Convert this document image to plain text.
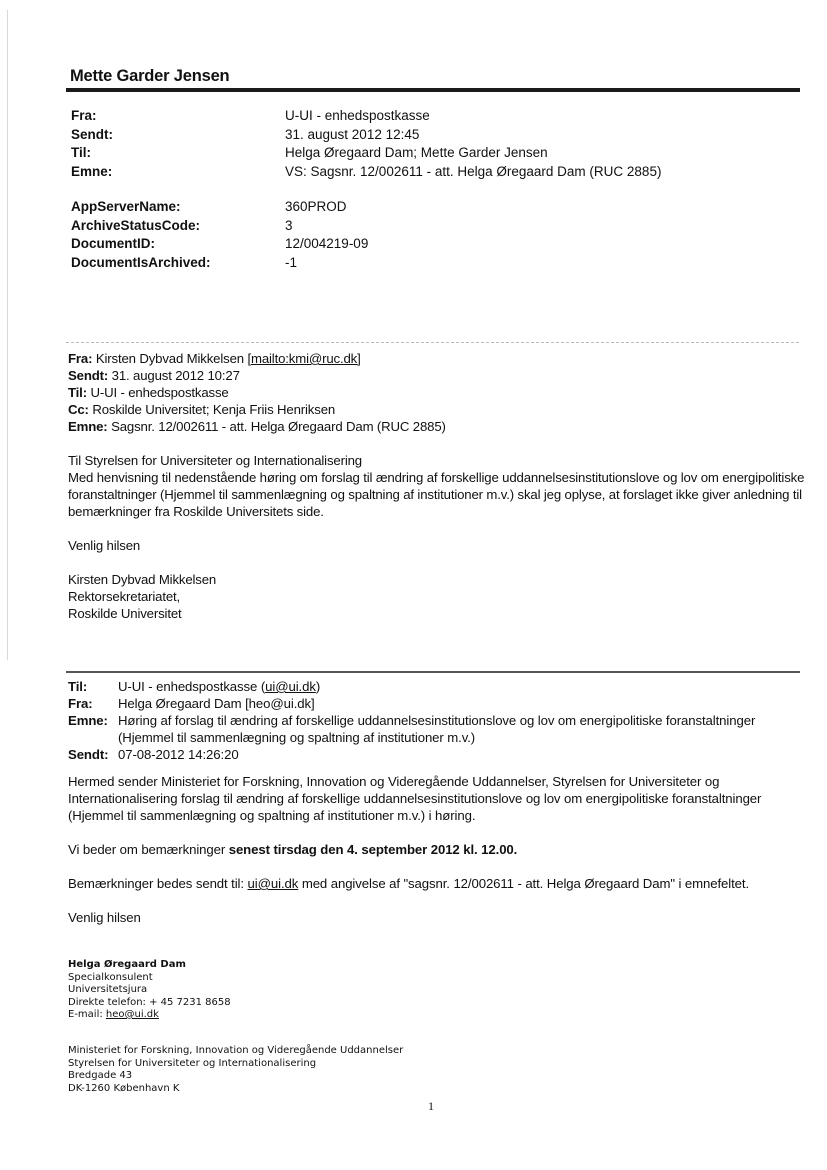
Mette Garder Jensen
Fra:	U-UI - enhedspostkasse
Sendt:	31. august 2012 12:45
Til:	Helga Øregaard Dam; Mette Garder Jensen
Emne:	VS: Sagsnr. 12/002611 - att. Helga Øregaard Dam (RUC 2885)
AppServerName:	360PROD
ArchiveStatusCode:	3
DocumentID:	12/004219-09
DocumentIsArchived:	-1

Fra: Kirsten Dybvad Mikkelsen [mailto:kmi@ruc.dk]

Sendt: 31. august 2012 10:27

Til: U-UI - enhedspostkasse

Cc: Roskilde Universitet; Kenja Friis Henriksen

Emne: Sagsnr. 12/002611 - att. Helga Øregaard Dam (RUC 2885)

Til Styrelsen for Universiteter og Internationalisering

Med henvisning til nedenstående høring om forslag til ændring af forskellige uddannelsesinstitutionslove og lov om energipolitiske foranstaltninger (Hjemmel til sammenlægning og spaltning af institutioner m.v.) skal jeg oplyse, at forslaget ikke giver anledning til bemærkninger fra Roskilde Universitets side.

Venlig hilsen

Kirsten Dybvad Mikkelsen

Rektorsekretariatet,

Roskilde Universitet

Til: U-UI - enhedspostkasse (ui@ui.dk)
Fra: Helga Øregaard Dam [heo@ui.dk]
Emne: Høring af forslag til ændring af forskellige uddannelsesinstitutionslove og lov om energipolitiske foranstaltninger (Hjemmel til sammenlægning og spaltning af institutioner m.v.)
Sendt: 07-08-2012 14:26:20

Hermed sender Ministeriet for Forskning, Innovation og Videregående Uddannelser, Styrelsen for Universiteter og Internationalisering forslag til ændring af forskellige uddannelsesinstitutionslove og lov om energipolitiske foranstaltninger (Hjemmel til sammenlægning og spaltning af institutioner m.v.) i høring.

Vi beder om bemærkninger senest tirsdag den 4. september 2012 kl. 12.00.

Bemærkninger bedes sendt til: ui@ui.dk med angivelse af "sagsnr. 12/002611 - att. Helga Øregaard Dam" i emnefeltet.

Venlig hilsen

Helga Øregaard Dam

Specialkonsulent

Universitetsjura

Direkte telefon: + 45 7231 8658

E-mail: heo@ui.dk

Ministeriet for Forskning, Innovation og Videregående Uddannelser

Styrelsen for Universiteter og Internationalisering

Bredgade 43

DK-1260 København K

1
